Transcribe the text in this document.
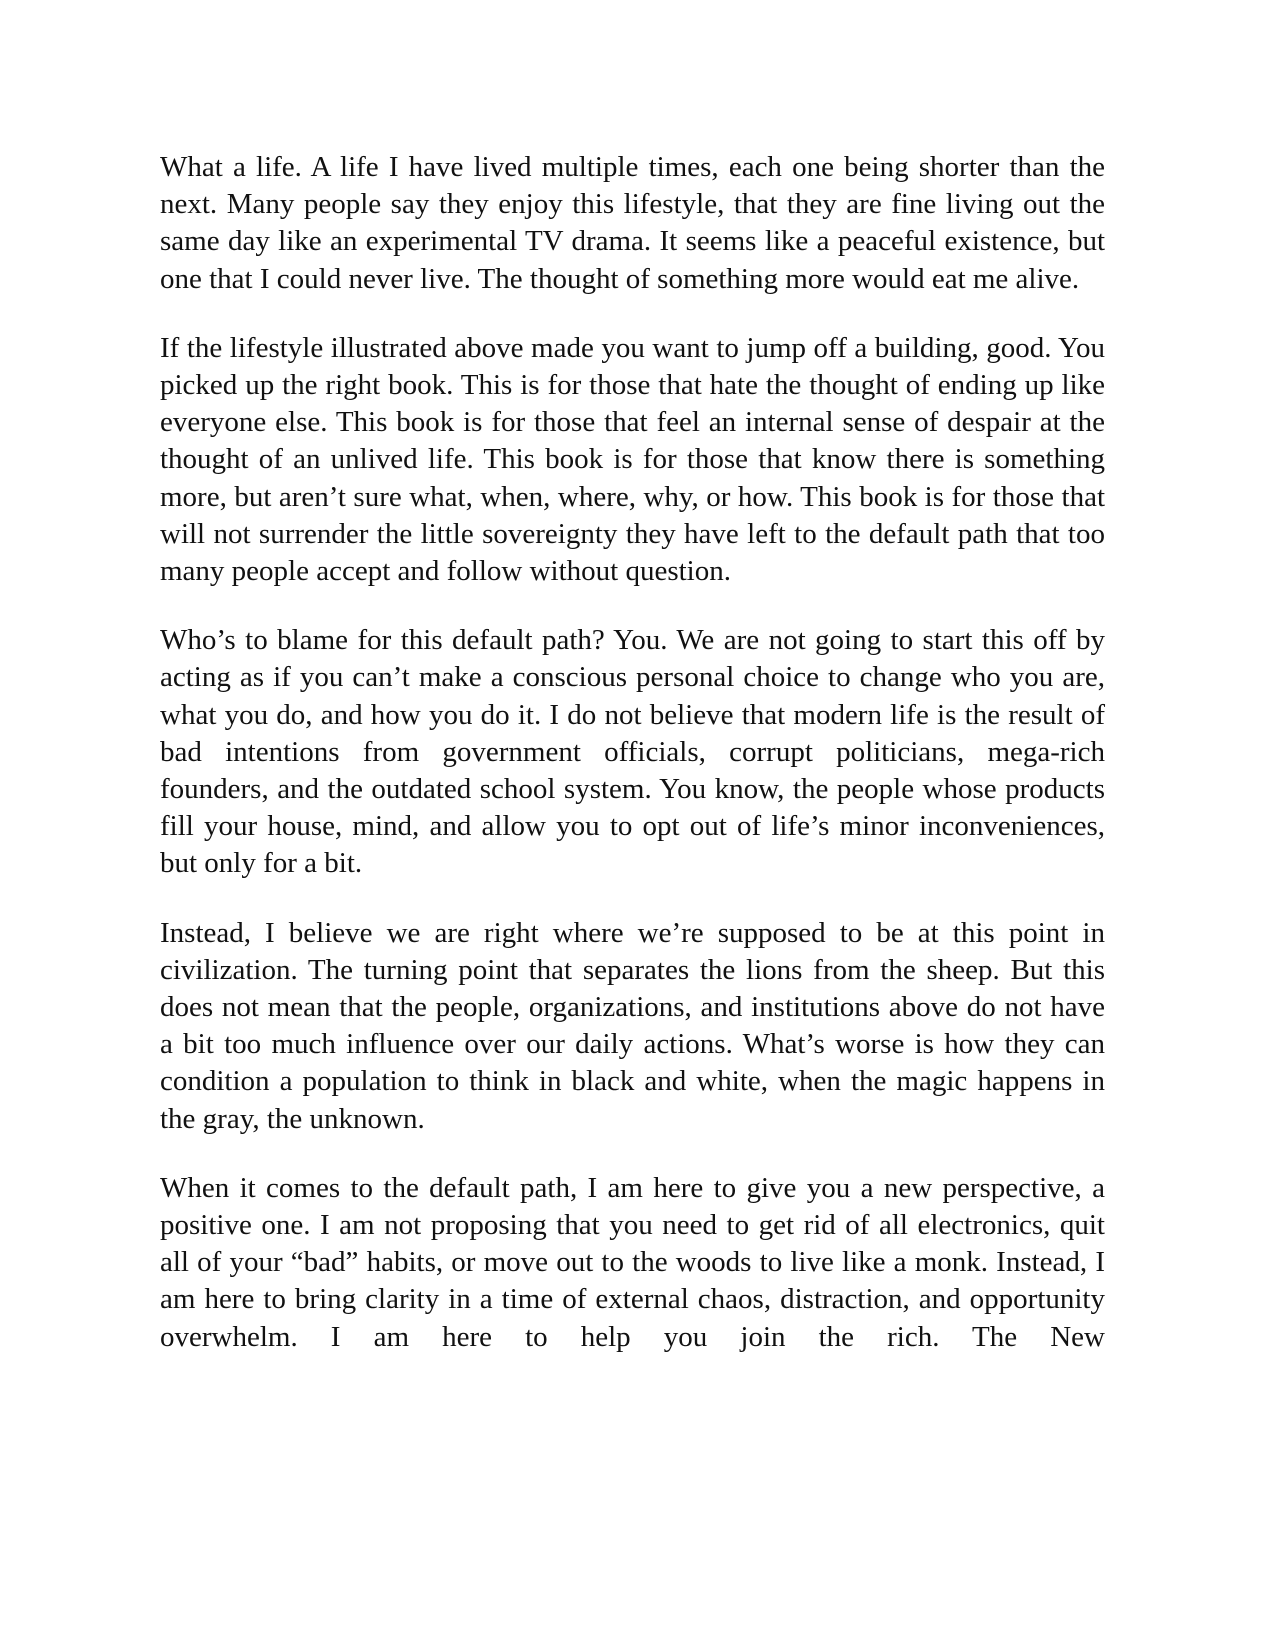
What a life. A life I have lived multiple times, each one being shorter than the next. Many people say they enjoy this lifestyle, that they are fine living out the same day like an experimental TV drama. It seems like a peaceful existence, but one that I could never live. The thought of something more would eat me alive.

If the lifestyle illustrated above made you want to jump off a building, good. You picked up the right book. This is for those that hate the thought of ending up like everyone else. This book is for those that feel an internal sense of despair at the thought of an unlived life. This book is for those that know there is something more, but aren’t sure what, when, where, why, or how. This book is for those that will not surrender the little sovereignty they have left to the default path that too many people accept and follow without question.

Who’s to blame for this default path? You. We are not going to start this off by acting as if you can’t make a conscious personal choice to change who you are, what you do, and how you do it. I do not believe that modern life is the result of bad intentions from government officials, corrupt politicians, mega-rich founders, and the outdated school system. You know, the people whose products fill your house, mind, and allow you to opt out of life’s minor inconveniences, but only for a bit.

Instead, I believe we are right where we’re supposed to be at this point in civilization. The turning point that separates the lions from the sheep. But this does not mean that the people, organizations, and institutions above do not have a bit too much influence over our daily actions. What’s worse is how they can condition a population to think in black and white, when the magic happens in the gray, the unknown.

When it comes to the default path, I am here to give you a new perspective, a positive one. I am not proposing that you need to get rid of all electronics, quit all of your “bad” habits, or move out to the woods to live like a monk. Instead, I am here to bring clarity in a time of external chaos, distraction, and opportunity overwhelm. I am here to help you join the rich. The New
